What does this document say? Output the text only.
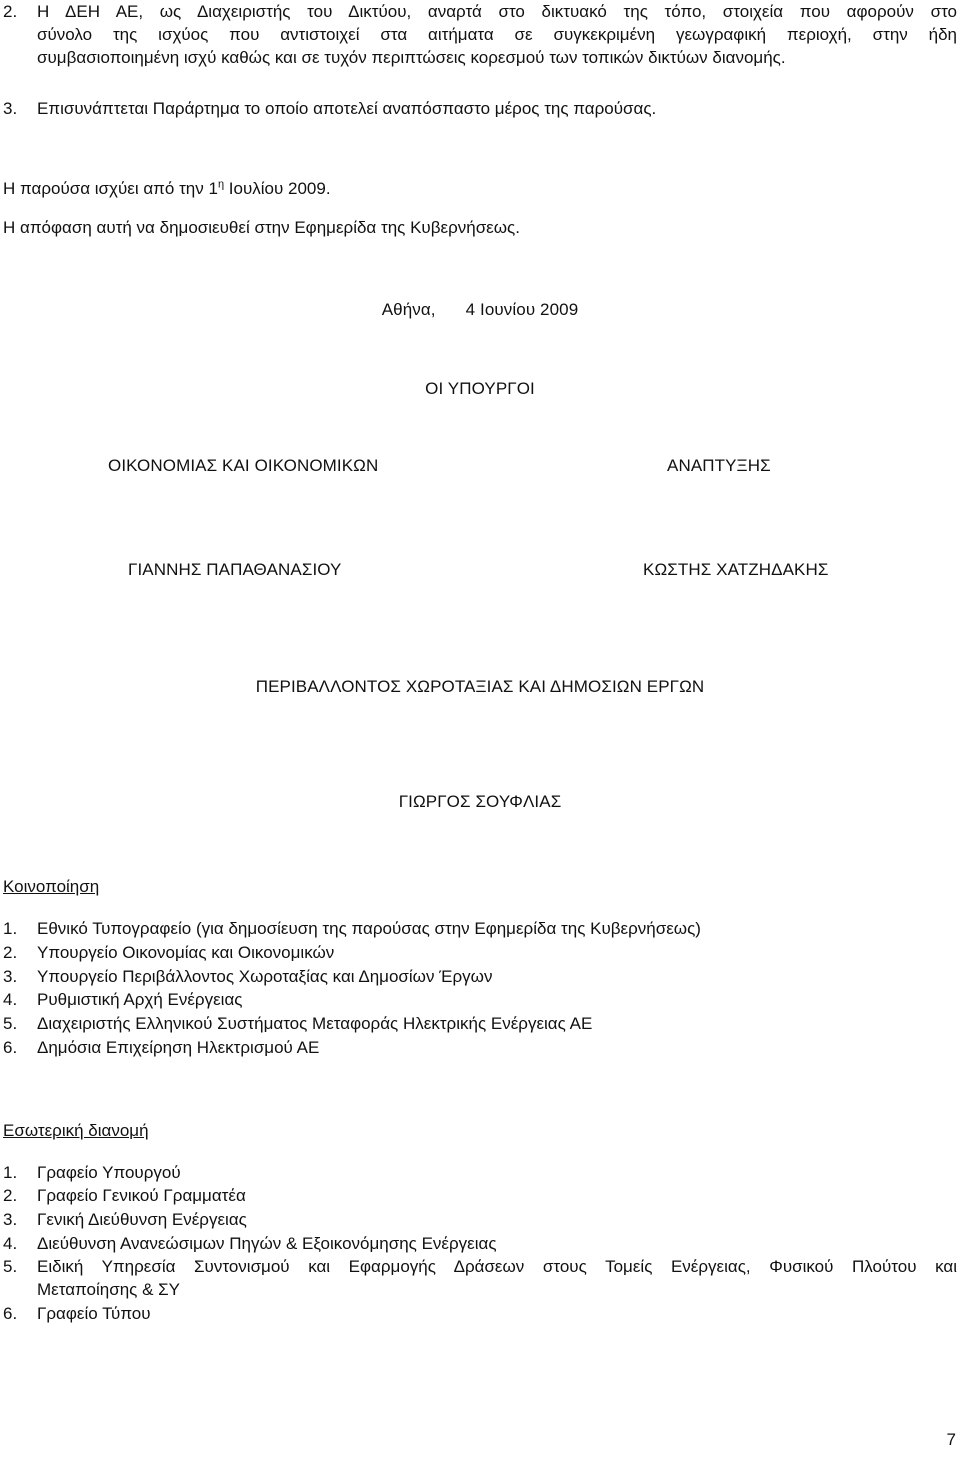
2. Η ΔΕΗ ΑΕ, ως Διαχειριστής του Δικτύου, αναρτά στο δικτυακό της τόπο, στοιχεία που αφορούν στο
σύνολο της ισχύος που αντιστοιχεί στα αιτήματα σε συγκεκριμένη γεωγραφική περιοχή, στην ήδη
συμβασιοποιημένη ισχύ καθώς και σε τυχόν περιπτώσεις κορεσμού των τοπικών δικτύων διανομής.
3. Επισυνάπτεται Παράρτημα το οποίο αποτελεί αναπόσπαστο μέρος της παρούσας.
Η παρούσα ισχύει από την $1^\eta$ Ιουλίου 2009.
Η απόφαση αυτή να δημοσιευθεί στην Εφημερίδα της Κυβερνήσεως.
Αθήνα, 4 Ιουνίου 2009
ΟΙ ΥΠΟΥΡΓΟΙ
ΟΙΚΟΝΟΜΙΑΣ ΚΑΙ ΟΙΚΟΝΟΜΙΚΩΝ	ΑΝΑΠΤΥΞΗΣ
ΓΙΑΝΝΗΣ ΠΑΠΑΘΑΝΑΣΙΟΥ	ΚΩΣΤΗΣ ΧΑΤΖΗΔΑΚΗΣ
ΠΕΡΙΒΑΛΛΟΝΤΟΣ ΧΩΡΟΤΑΞΙΑΣ ΚΑΙ ΔΗΜΟΣΙΩΝ ΕΡΓΩΝ
ΓΙΩΡΓΟΣ ΣΟΥΦΛΙΑΣ
Κοινοποίηση
1.	Εθνικό Τυπογραφείο (για δημοσίευση της παρούσας στην Εφημερίδα της Κυβερνήσεως)
2.	Υπουργείο Οικονομίας και Οικονομικών
3.	Υπουργείο Περιβάλλοντος Χωροταξίας και Δημοσίων Έργων
4.	Ρυθμιστική Αρχή Ενέργειας
5.	Διαχειριστής Ελληνικού Συστήματος Μεταφοράς Ηλεκτρικής Ενέργειας ΑΕ
6.	Δημόσια Επιχείρηση Ηλεκτρισμού ΑΕ
Εσωτερική διανομή
1.	Γραφείο Υπουργού
2.	Γραφείο Γενικού Γραμματέα
3.	Γενική Διεύθυνση Ενέργειας
4.	Διεύθυνση Ανανεώσιμων Πηγών & Εξοικονόμησης Ενέργειας
5.	Ειδική Υπηρεσία Συντονισμού και Εφαρμογής Δράσεων στους Τομείς Ενέργειας, Φυσικού Πλούτου και
Μεταποίησης & ΣΥ
6.	Γραφείο Τύπου
7
